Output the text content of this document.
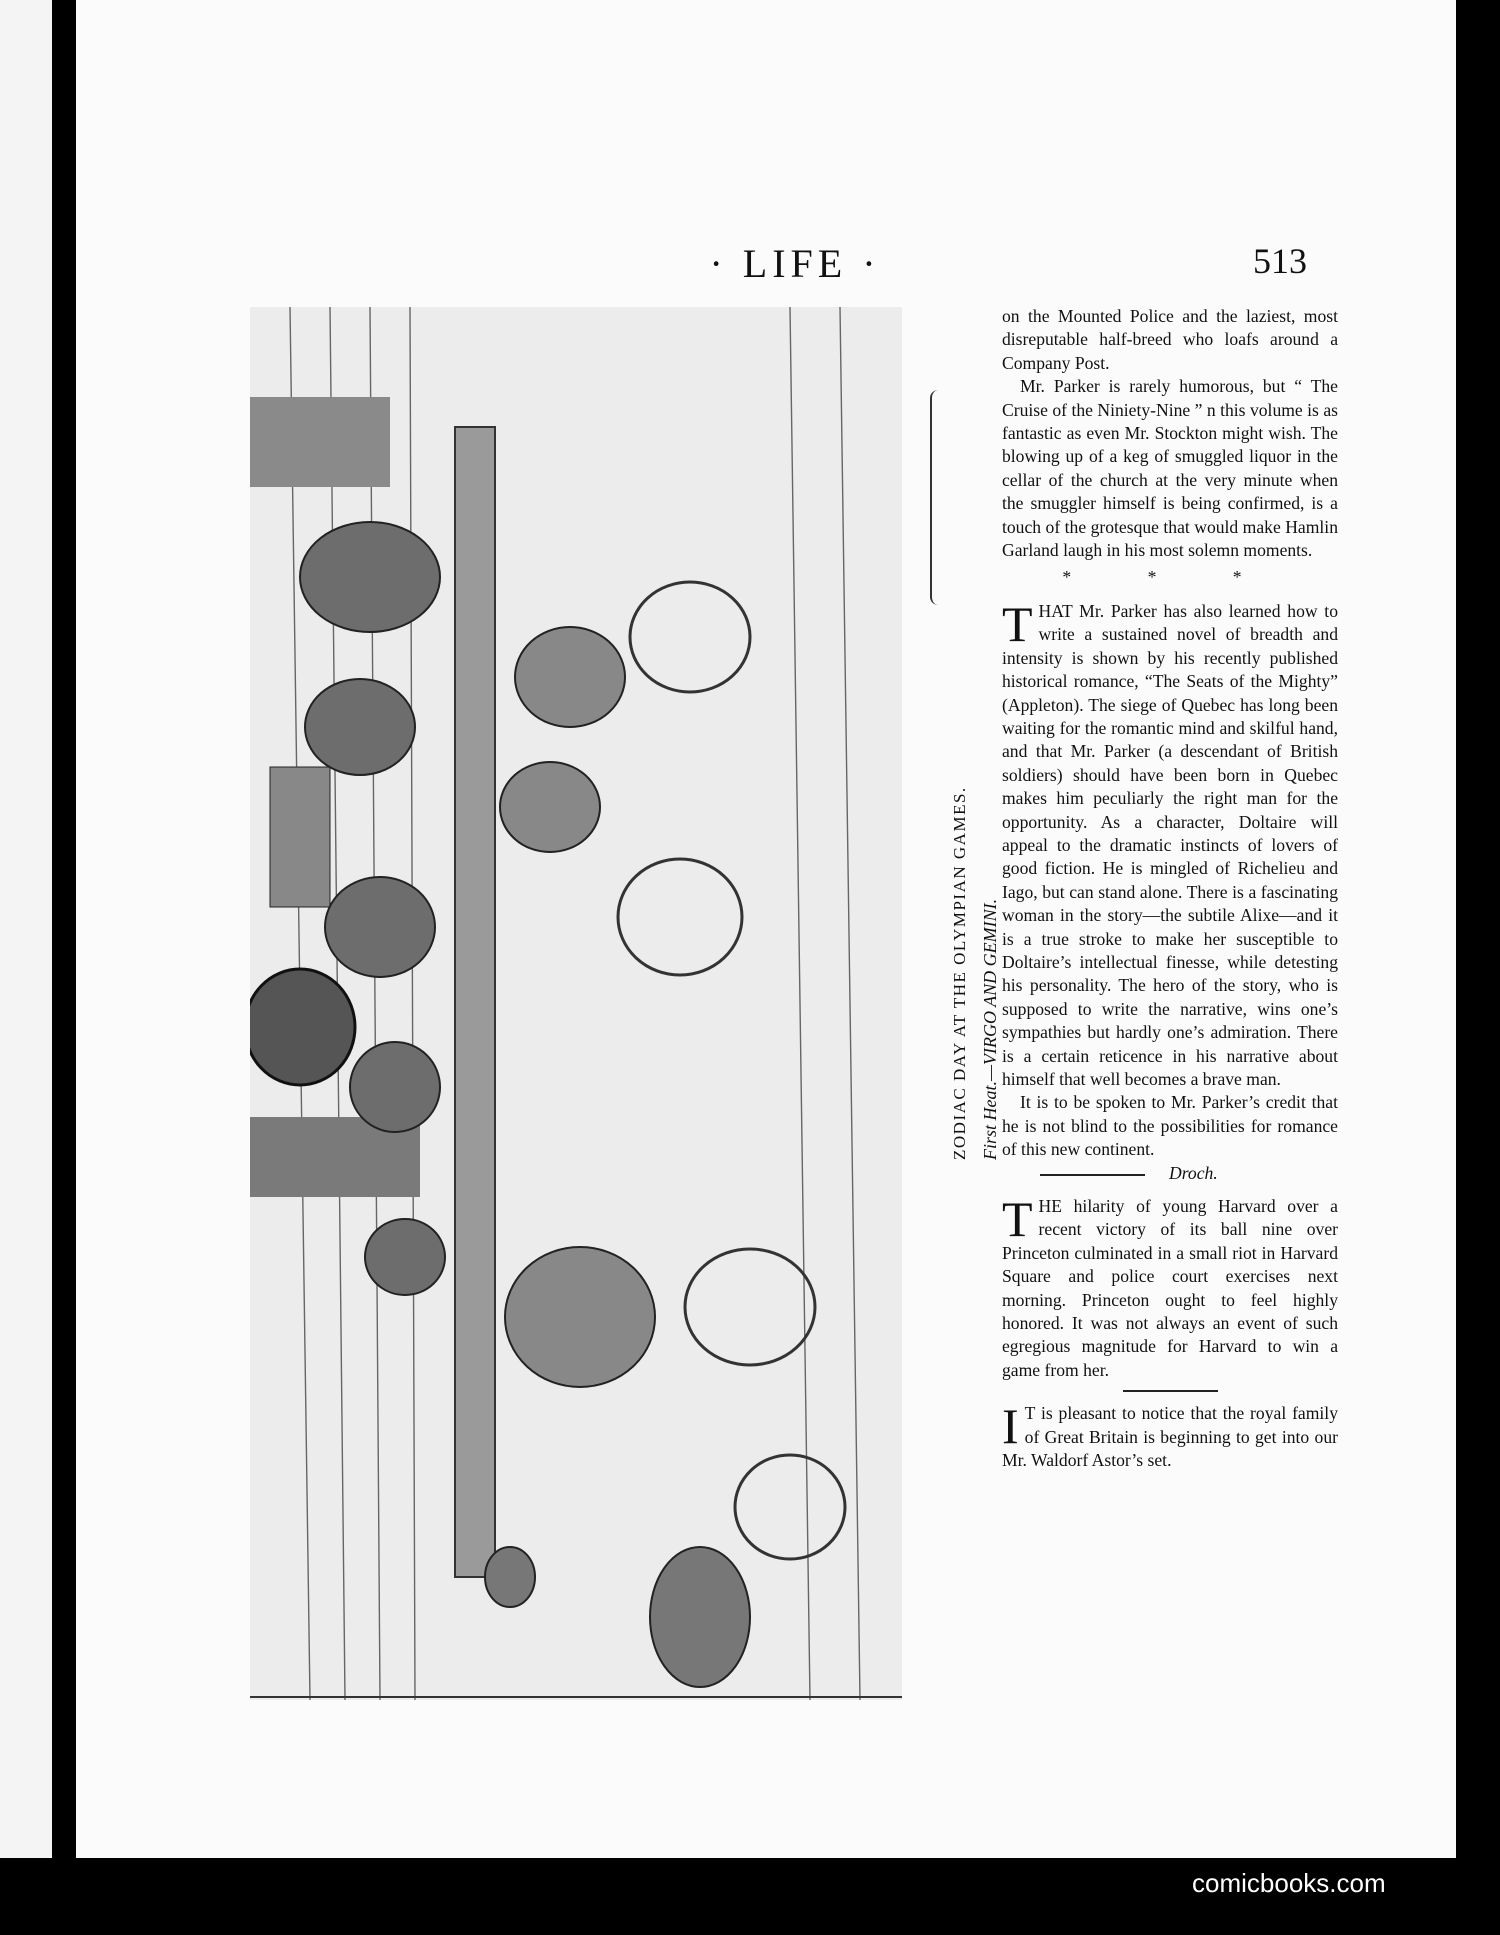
· LIFE ·	513
ZODIAC DAY AT THE OLYMPIAN GAMES. First Heat.—VIRGO AND GEMINI.

on the Mounted Police and the laziest, most disreputable half-breed who loafs around a Company Post.

Mr. Parker is rarely humorous, but “ The Cruise of the Niniety-Nine ” n this volume is as fantastic as even Mr. Stockton might wish. The blowing up of a keg of smuggled liquor in the cellar of the church at the very minute when the smuggler himself is being confirmed, is a touch of the grotesque that would make Hamlin Garland laugh in his most solemn moments.

* * *

THAT Mr. Parker has also learned how to write a sustained novel of breadth and intensity is shown by his recently published historical romance, “The Seats of the Mighty” (Appleton). The siege of Quebec has long been waiting for the romantic mind and skilful hand, and that Mr. Parker (a descendant of British soldiers) should have been born in Quebec makes him peculiarly the right man for the opportunity. As a character, Doltaire will appeal to the dramatic instincts of lovers of good fiction. He is mingled of Richelieu and Iago, but can stand alone. There is a fascinating woman in the story—the subtile Alixe—and it is a true stroke to make her susceptible to Doltaire’s intellectual finesse, while detesting his personality. The hero of the story, who is supposed to write the narrative, wins one’s sympathies but hardly one’s admiration. There is a certain reticence in his narrative about himself that well becomes a brave man.

It is to be spoken to Mr. Parker’s credit that he is not blind to the possibilities for romance of this new continent.

Droch.

THE hilarity of young Harvard over a recent victory of its ball nine over Princeton culminated in a small riot in Harvard Square and police court exercises next morning. Princeton ought to feel highly honored. It was not always an event of such egregious magnitude for Harvard to win a game from her.

I T is pleasant to notice that the royal family of Great Britain is beginning to get into our Mr. Waldorf Astor’s set.

comicbooks.com
